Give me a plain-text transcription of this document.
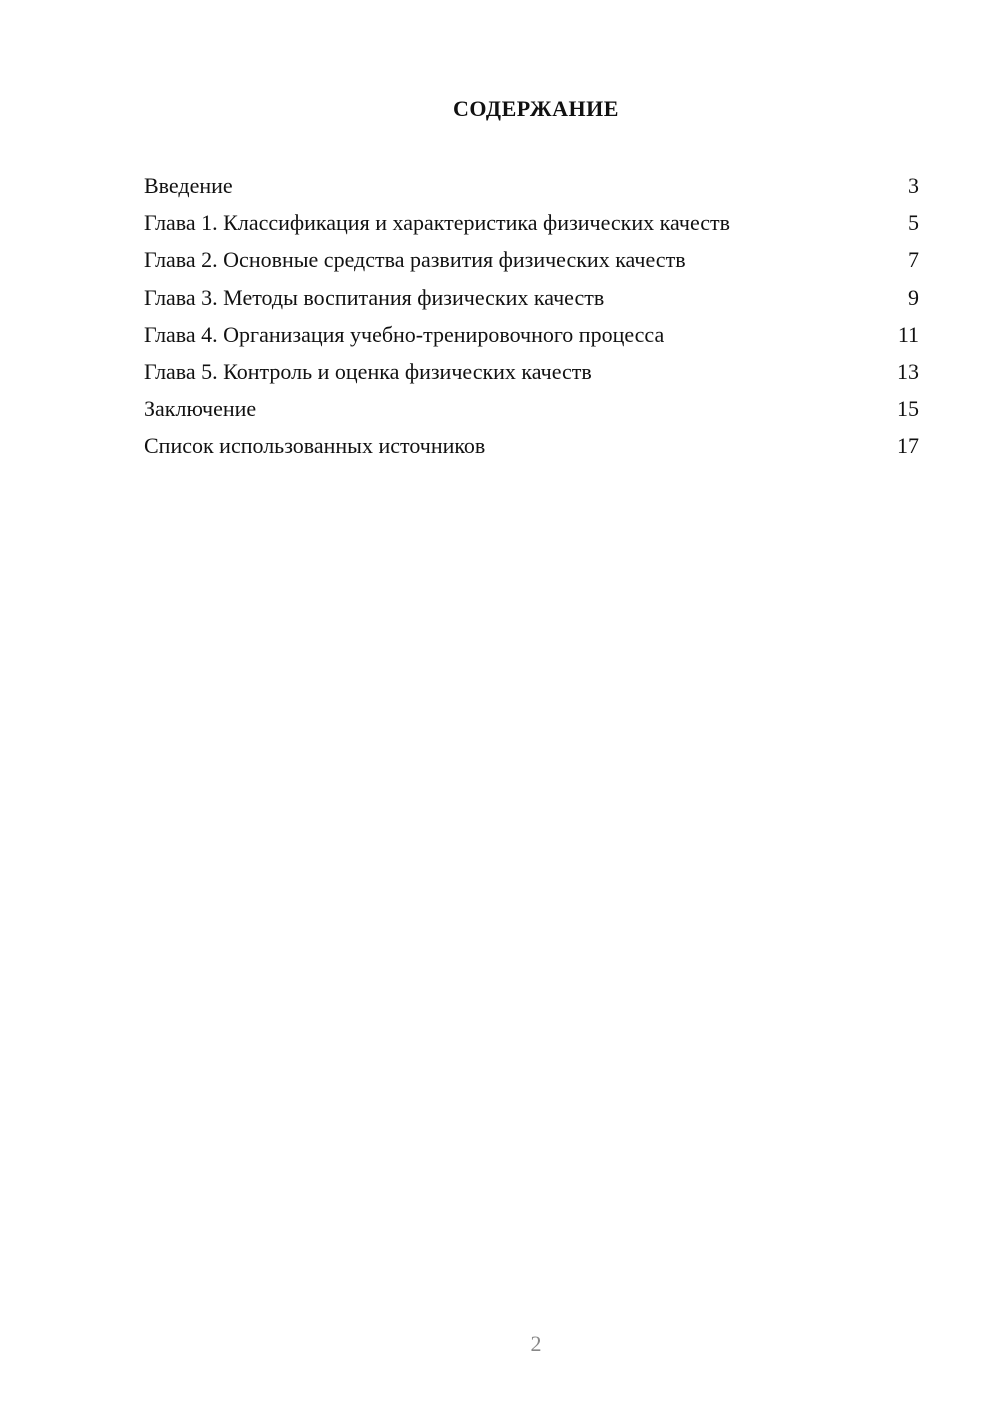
СОДЕРЖАНИЕ
Введение	3
Глава 1. Классификация и характеристика физических качеств	5
Глава 2. Основные средства развития физических качеств	7
Глава 3. Методы воспитания физических качеств	9
Глава 4. Организация учебно-тренировочного процесса	11
Глава 5. Контроль и оценка физических качеств	13
Заключение	15
Список использованных источников	17
2
